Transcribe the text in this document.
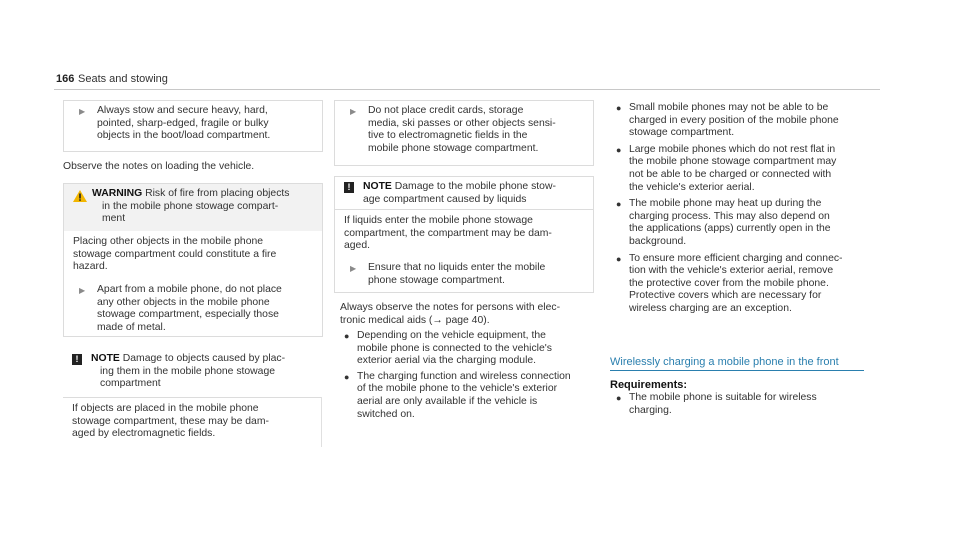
166 Seats and stowing
▶ Always stow and secure heavy, hard,
pointed, sharp-edged, fragile or bulky
objects in the boot/load compartment.
Observe the notes on loading the vehicle.
WARNING Risk of fire from placing objects
in the mobile phone stowage compart-
ment
Placing other objects in the mobile phone
stowage compartment could constitute a fire
hazard.
▶ Apart from a mobile phone, do not place
any other objects in the mobile phone
stowage compartment, especially those
made of metal.
!	NOTE Damage to objects caused by plac-
ing them in the mobile phone stowage
compartment
If objects are placed in the mobile phone
stowage compartment, these may be dam-
aged by electromagnetic fields.
▶ Do not place credit cards, storage
media, ski passes or other objects sensi-
tive to electromagnetic fields in the
mobile phone stowage compartment.
!	NOTE Damage to the mobile phone stow-
age compartment caused by liquids
If liquids enter the mobile phone stowage
compartment, the compartment may be dam-
aged.
▶ Ensure that no liquids enter the mobile
phone stowage compartment.
Always observe the notes for persons with elec-
tronic medical aids (→ page 40).
● Depending on the vehicle equipment, the
mobile phone is connected to the vehicle's
exterior aerial via the charging module.
● The charging function and wireless connection
of the mobile phone to the vehicle's exterior
aerial are only available if the vehicle is
switched on.
● Small mobile phones may not be able to be
charged in every position of the mobile phone
stowage compartment.
● Large mobile phones which do not rest flat in
the mobile phone stowage compartment may
not be able to be charged or connected with
the vehicle's exterior aerial.
● The mobile phone may heat up during the
charging process. This may also depend on
the applications (apps) currently open in the
background.
● To ensure more efficient charging and connec-
tion with the vehicle's exterior aerial, remove
the protective cover from the mobile phone.
Protective covers which are necessary for
wireless charging are an exception.
Wirelessly charging a mobile phone in the front
Requirements:
● The mobile phone is suitable for wireless
charging.
